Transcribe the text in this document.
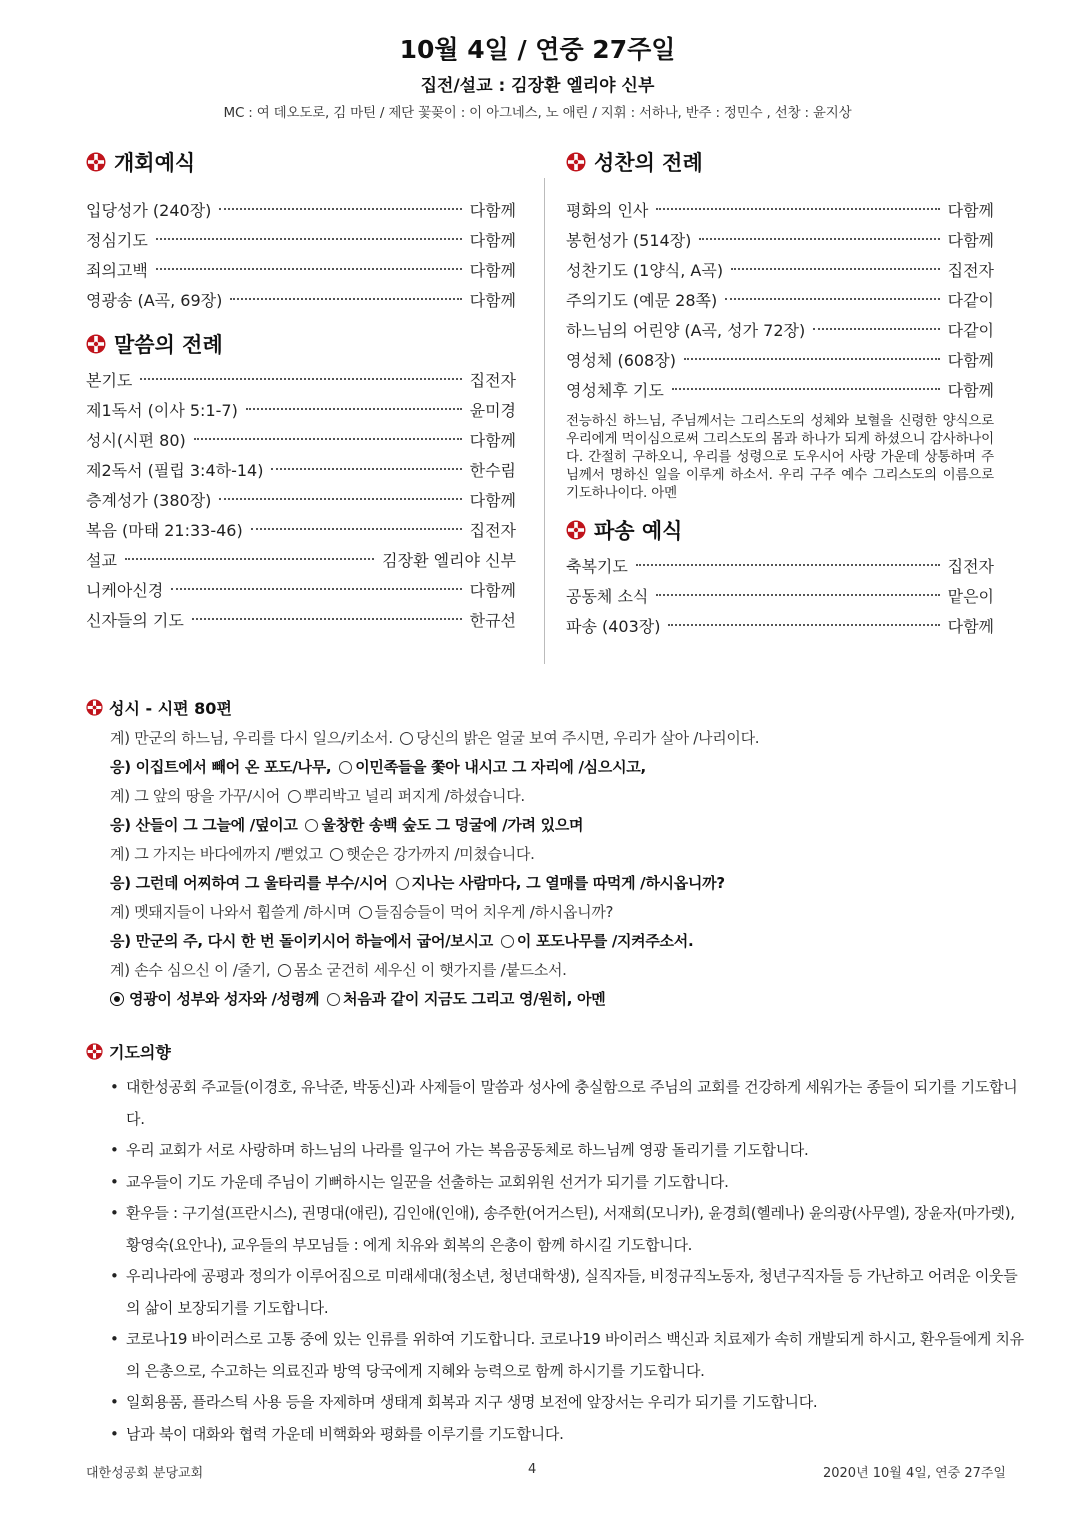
10월 4일 / 연중 27주일
집전/설교 : 김장환 엘리야 신부
MC : 여 데오도로, 김 마틴 / 제단 꽃꽂이 : 이 아그네스, 노 애린 / 지휘 : 서하나, 반주 : 정민수 , 선창 : 윤지상
개회예식
입당성가 (240장)	다함께
정심기도	다함께
죄의고백	다함께
영광송 (A곡, 69장)	다함께
말씀의 전례
본기도	집전자
제1독서 (이사 5:1-7)	윤미경
성시(시편 80)	다함께
제2독서 (필립 3:4하-14)	한수림
층계성가 (380장)	다함께
복음 (마태 21:33-46)	집전자
설교	김장환 엘리야 신부
니케아신경	다함께
신자들의 기도	한규선
성찬의 전례
평화의 인사	다함께
봉헌성가 (514장)	다함께
성찬기도 (1양식, A곡)	집전자
주의기도 (예문 28쪽)	다같이
하느님의 어린양 (A곡, 성가 72장)	다같이
영성체 (608장)	다함께
영성체후 기도	다함께
전능하신 하느님, 주님께서는 그리스도의 성체와 보혈을 신령한 양식으로 우리에게 먹이심으로써 그리스도의 몸과 하나가 되게 하셨으니 감사하나이다. 간절히 구하오니, 우리를 성령으로 도우시어 사랑 가운데 상통하며 주님께서 명하신 일을 이루게 하소서. 우리 구주 예수 그리스도의 이름으로 기도하나이다. 아멘
파송 예식
축복기도	집전자
공동체 소식	맡은이
파송 (403장)	다함께
성시 - 시편 80편
계) 만군의 하느님, 우리를 다시 일으/키소서. 당신의 밝은 얼굴 보여 주시면, 우리가 살아 /나리이다.
응) 이집트에서 빼어 온 포도/나무, 이민족들을 쫓아 내시고 그 자리에 /심으시고,
계) 그 앞의 땅을 가꾸/시어 뿌리박고 널리 퍼지게 /하셨습니다.
응) 산들이 그 그늘에 /덮이고 울창한 송백 숲도 그 덩굴에 /가려 있으며
계) 그 가지는 바다에까지 /뻗었고 햇순은 강가까지 /미쳤습니다.
응) 그런데 어찌하여 그 울타리를 부수/시어 지나는 사람마다, 그 열매를 따먹게 /하시옵니까?
계) 멧돼지들이 나와서 휩쓸게 /하시며 들짐승들이 먹어 치우게 /하시옵니까?
응) 만군의 주, 다시 한 번 돌이키시어 하늘에서 굽어/보시고 이 포도나무를 /지켜주소서.
계) 손수 심으신 이 /줄기, 몸소 굳건히 세우신 이 햇가지를 /붙드소서.
영광이 성부와 성자와 /성령께 처음과 같이 지금도 그리고 영/원히, 아멘
기도의향
• 대한성공회 주교들(이경호, 유낙준, 박동신)과 사제들이 말씀과 성사에 충실함으로 주님의 교회를 건강하게 세워가는 종들이 되기를 기도합니다.
• 우리 교회가 서로 사랑하며 하느님의 나라를 일구어 가는 복음공동체로 하느님께 영광 돌리기를 기도합니다.
• 교우들이 기도 가운데 주님이 기뻐하시는 일꾼을 선출하는 교회위원 선거가 되기를 기도합니다.
• 환우들 : 구기설(프란시스), 권명대(애린), 김인애(인애), 송주한(어거스틴), 서재희(모니카), 윤경희(헬레나) 윤의광(사무엘), 장윤자(마가렛), 황영숙(요안나), 교우들의 부모님들 : 에게 치유와 회복의 은총이 함께 하시길 기도합니다.
• 우리나라에 공평과 정의가 이루어짐으로 미래세대(청소년, 청년대학생), 실직자들, 비정규직노동자, 청년구직자들 등 가난하고 어려운 이웃들의 삶이 보장되기를 기도합니다.
• 코로나19 바이러스로 고통 중에 있는 인류를 위하여 기도합니다. 코로나19 바이러스 백신과 치료제가 속히 개발되게 하시고, 환우들에게 치유의 은총으로, 수고하는 의료진과 방역 당국에게 지혜와 능력으로 함께 하시기를 기도합니다.
• 일회용품, 플라스틱 사용 등을 자제하며 생태계 회복과 지구 생명 보전에 앞장서는 우리가 되기를 기도합니다.
• 남과 북이 대화와 협력 가운데 비핵화와 평화를 이루기를 기도합니다.
대한성공회 분당교회	4	2020년 10월 4일, 연중 27주일
